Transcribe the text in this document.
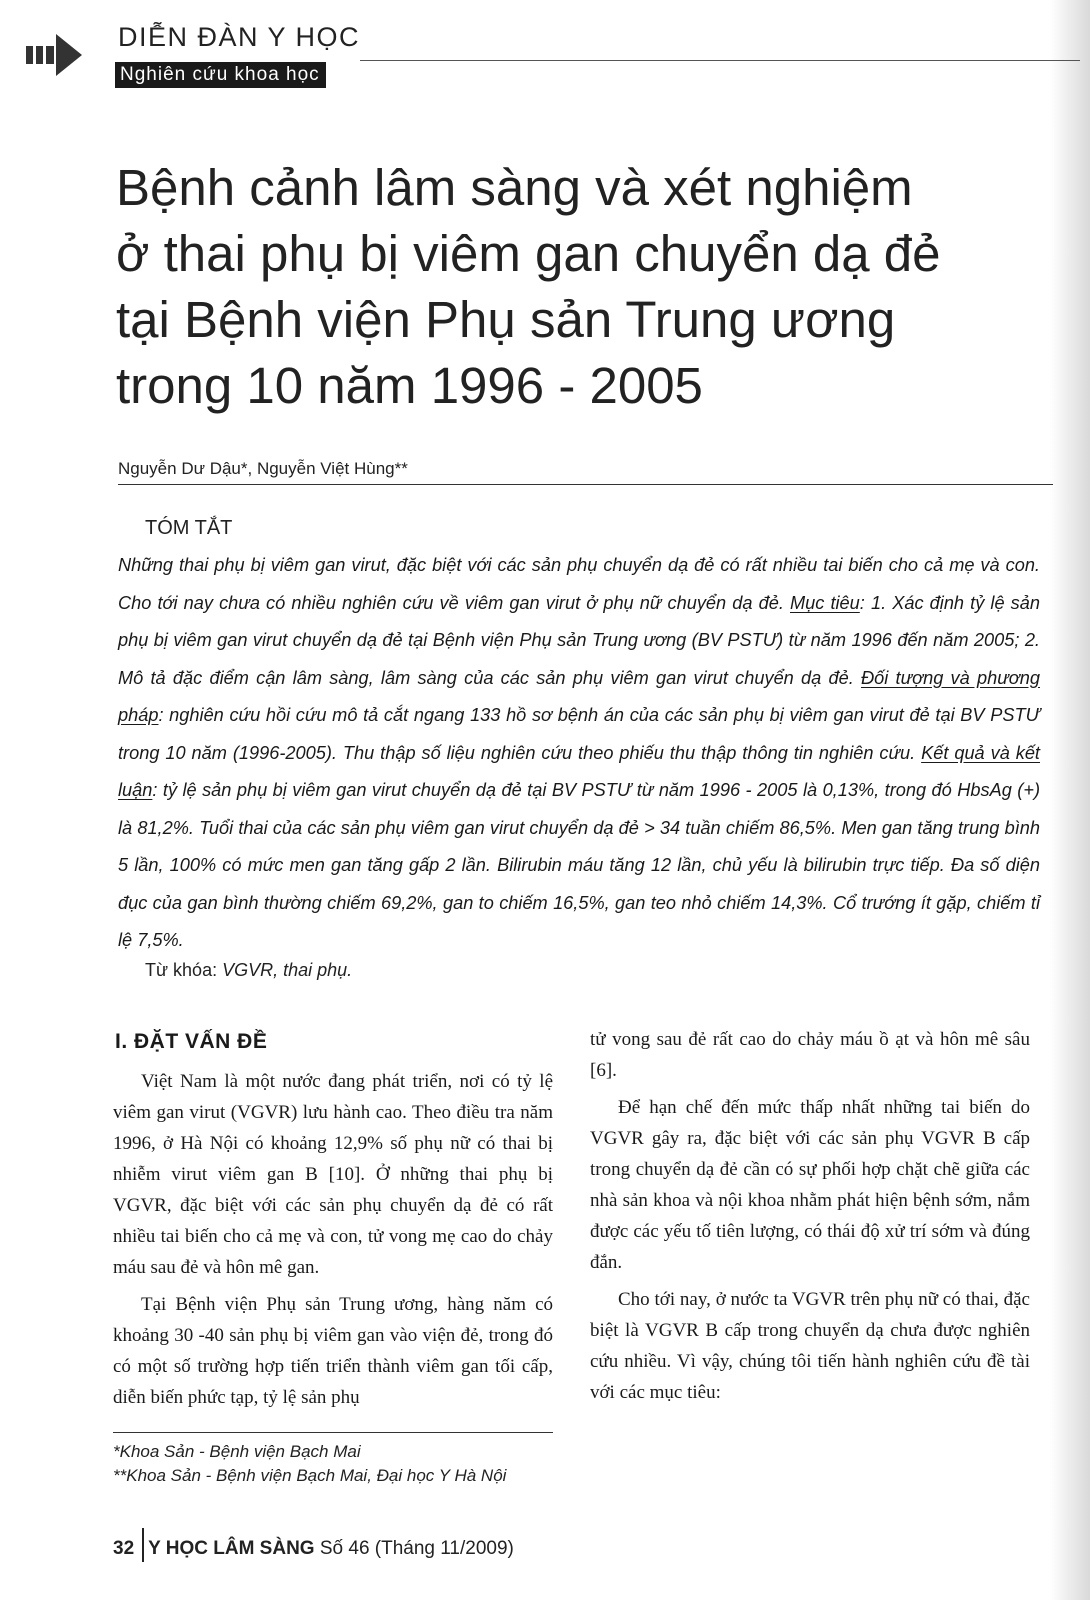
DIỄN ĐÀN Y HỌC
Nghiên cứu khoa học
Bệnh cảnh lâm sàng và xét nghiệm
ở thai phụ bị viêm gan chuyển dạ đẻ
tại Bệnh viện Phụ sản Trung ương
trong 10 năm 1996 - 2005
Nguyễn Dư Dậu*, Nguyễn Việt Hùng**
TÓM TẮT
Những thai phụ bị viêm gan virut, đặc biệt với các sản phụ chuyển dạ đẻ có rất nhiều tai biến cho cả mẹ và con. Cho tới nay chưa có nhiều nghiên cứu về viêm gan virut ở phụ nữ chuyển dạ đẻ. Mục tiêu: 1. Xác định tỷ lệ sản phụ bị viêm gan virut chuyển dạ đẻ tại Bệnh viện Phụ sản Trung ương (BV PSTƯ) từ năm 1996 đến năm 2005; 2. Mô tả đặc điểm cận lâm sàng, lâm sàng của các sản phụ viêm gan virut chuyển dạ đẻ. Đối tượng và phương pháp: nghiên cứu hồi cứu mô tả cắt ngang 133 hồ sơ bệnh án của các sản phụ bị viêm gan virut đẻ tại BV PSTƯ trong 10 năm (1996-2005). Thu thập số liệu nghiên cứu theo phiếu thu thập thông tin nghiên cứu. Kết quả và kết luận: tỷ lệ sản phụ bị viêm gan virut chuyển dạ đẻ tại BV PSTƯ từ năm 1996 - 2005 là 0,13%, trong đó HbsAg (+) là 81,2%. Tuổi thai của các sản phụ viêm gan virut chuyển dạ đẻ > 34 tuần chiếm 86,5%. Men gan tăng trung bình 5 lần, 100% có mức men gan tăng gấp 2 lần. Bilirubin máu tăng 12 lần, chủ yếu là bilirubin trực tiếp. Đa số diện đục của gan bình thường chiếm 69,2%, gan to chiếm 16,5%, gan teo nhỏ chiếm 14,3%. Cổ trướng ít gặp, chiếm tỉ lệ 7,5%.
Từ khóa: VGVR, thai phụ.
I. ĐẶT VẤN ĐỀ

Việt Nam là một nước đang phát triển, nơi có tỷ lệ viêm gan virut (VGVR) lưu hành cao. Theo điều tra năm 1996, ở Hà Nội có khoảng 12,9% số phụ nữ có thai bị nhiễm virut viêm gan B [10]. Ở những thai phụ bị VGVR, đặc biệt với các sản phụ chuyển dạ đẻ có rất nhiều tai biến cho cả mẹ và con, tử vong mẹ cao do chảy máu sau đẻ và hôn mê gan.

Tại Bệnh viện Phụ sản Trung ương, hàng năm có khoảng 30 -40 sản phụ bị viêm gan vào viện đẻ, trong đó có một số trường hợp tiến triển thành viêm gan tối cấp, diễn biến phức tạp, tỷ lệ sản phụ

tử vong sau đẻ rất cao do chảy máu ồ ạt và hôn mê sâu [6].

Để hạn chế đến mức thấp nhất những tai biến do VGVR gây ra, đặc biệt với các sản phụ VGVR B cấp trong chuyển dạ đẻ cần có sự phối hợp chặt chẽ giữa các nhà sản khoa và nội khoa nhằm phát hiện bệnh sớm, nắm được các yếu tố tiên lượng, có thái độ xử trí sớm và đúng đắn.

Cho tới nay, ở nước ta VGVR trên phụ nữ có thai, đặc biệt là VGVR B cấp trong chuyển dạ chưa được nghiên cứu nhiều. Vì vậy, chúng tôi tiến hành nghiên cứu đề tài với các mục tiêu:

*Khoa Sản - Bệnh viện Bạch Mai
**Khoa Sản - Bệnh viện Bạch Mai, Đại học Y Hà Nội
32 Y HỌC LÂM SÀNG Số 46 (Tháng 11/2009)
